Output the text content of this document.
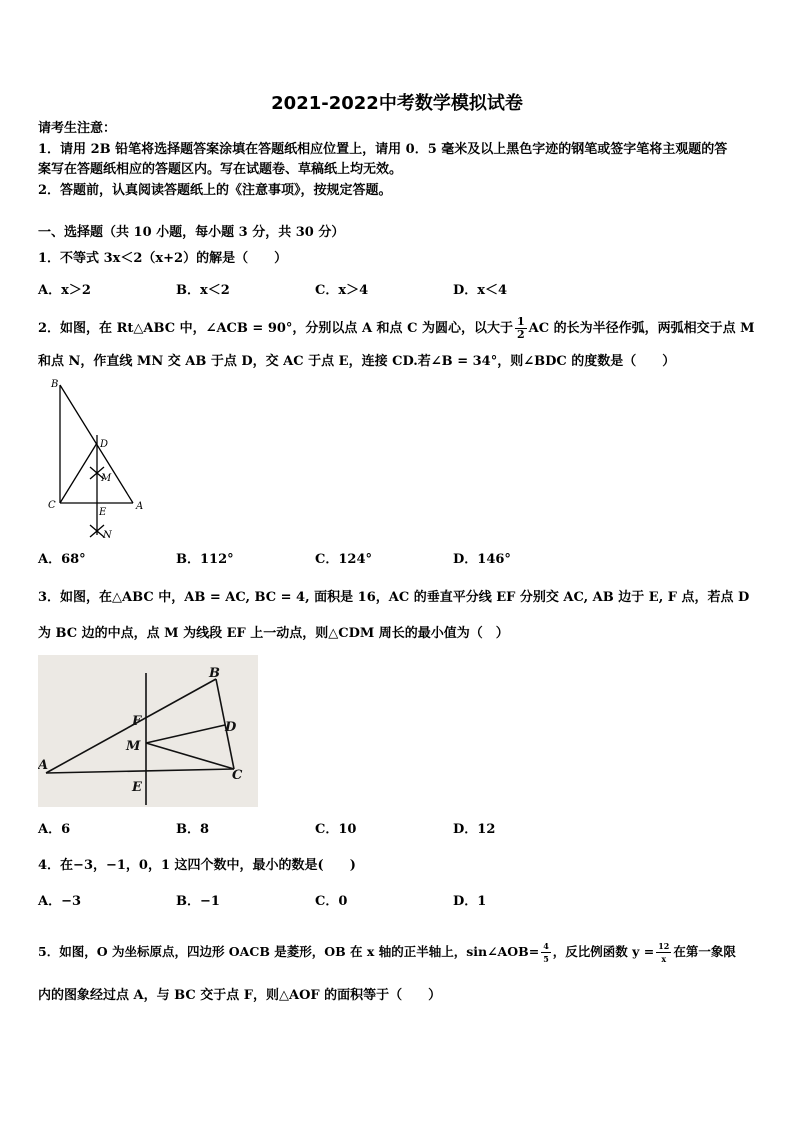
2021-2022中考数学模拟试卷
请考生注意：
1．请用 2B 铅笔将选择题答案涂填在答题纸相应位置上，请用 0．5 毫米及以上黑色字迹的钢笔或签字笔将主观题的答
案写在答题纸相应的答题区内。写在试题卷、草稿纸上均无效。
2．答题前，认真阅读答题纸上的《注意事项》，按规定答题。
一、选择题（共 10 小题，每小题 3 分，共 30 分）
1．不等式 3x＜2（x+2）的解是（　　）
A．x＞2	B．x＜2	C．x＞4	D．x＜4
2．如图，在 Rt△ABC 中，∠ACB = 90°，分别以点 A 和点 C 为圆心，以大于 $\frac{1}{2}$ AC 的长为半径作弧，两弧相交于点 M
和点 N，作直线 MN 交 AB 于点 D，交 AC 于点 E，连接 CD.若∠B = 34°，则∠BDC 的度数是（　　）
B
D
M
C
E
A
N
A．68°	B．112°	C．124°	D．146°
3．如图，在△ABC 中，AB = AC, BC = 4, 面积是 16，AC 的垂直平分线 EF 分别交 AC, AB 边于 E, F 点，若点 D
为 BC 边的中点，点 M 为线段 EF 上一动点，则△CDM 周长的最小值为（　）
B
F	D
M
A
C
E
A．6	B．8	C．10	D．12
4．在−3，−1，0，1 这四个数中，最小的数是(　　)
A．−3	B．−1	C．0	D．1
5．如图，O 为坐标原点，四边形 OACB 是菱形，OB 在 x 轴的正半轴上，sin∠AOB= $\frac{4}{5}$ ，反比例函数 $y = \frac{12}{x}$ 在第一象限
内的图象经过点 A，与 BC 交于点 F，则△AOF 的面积等于（　　）
